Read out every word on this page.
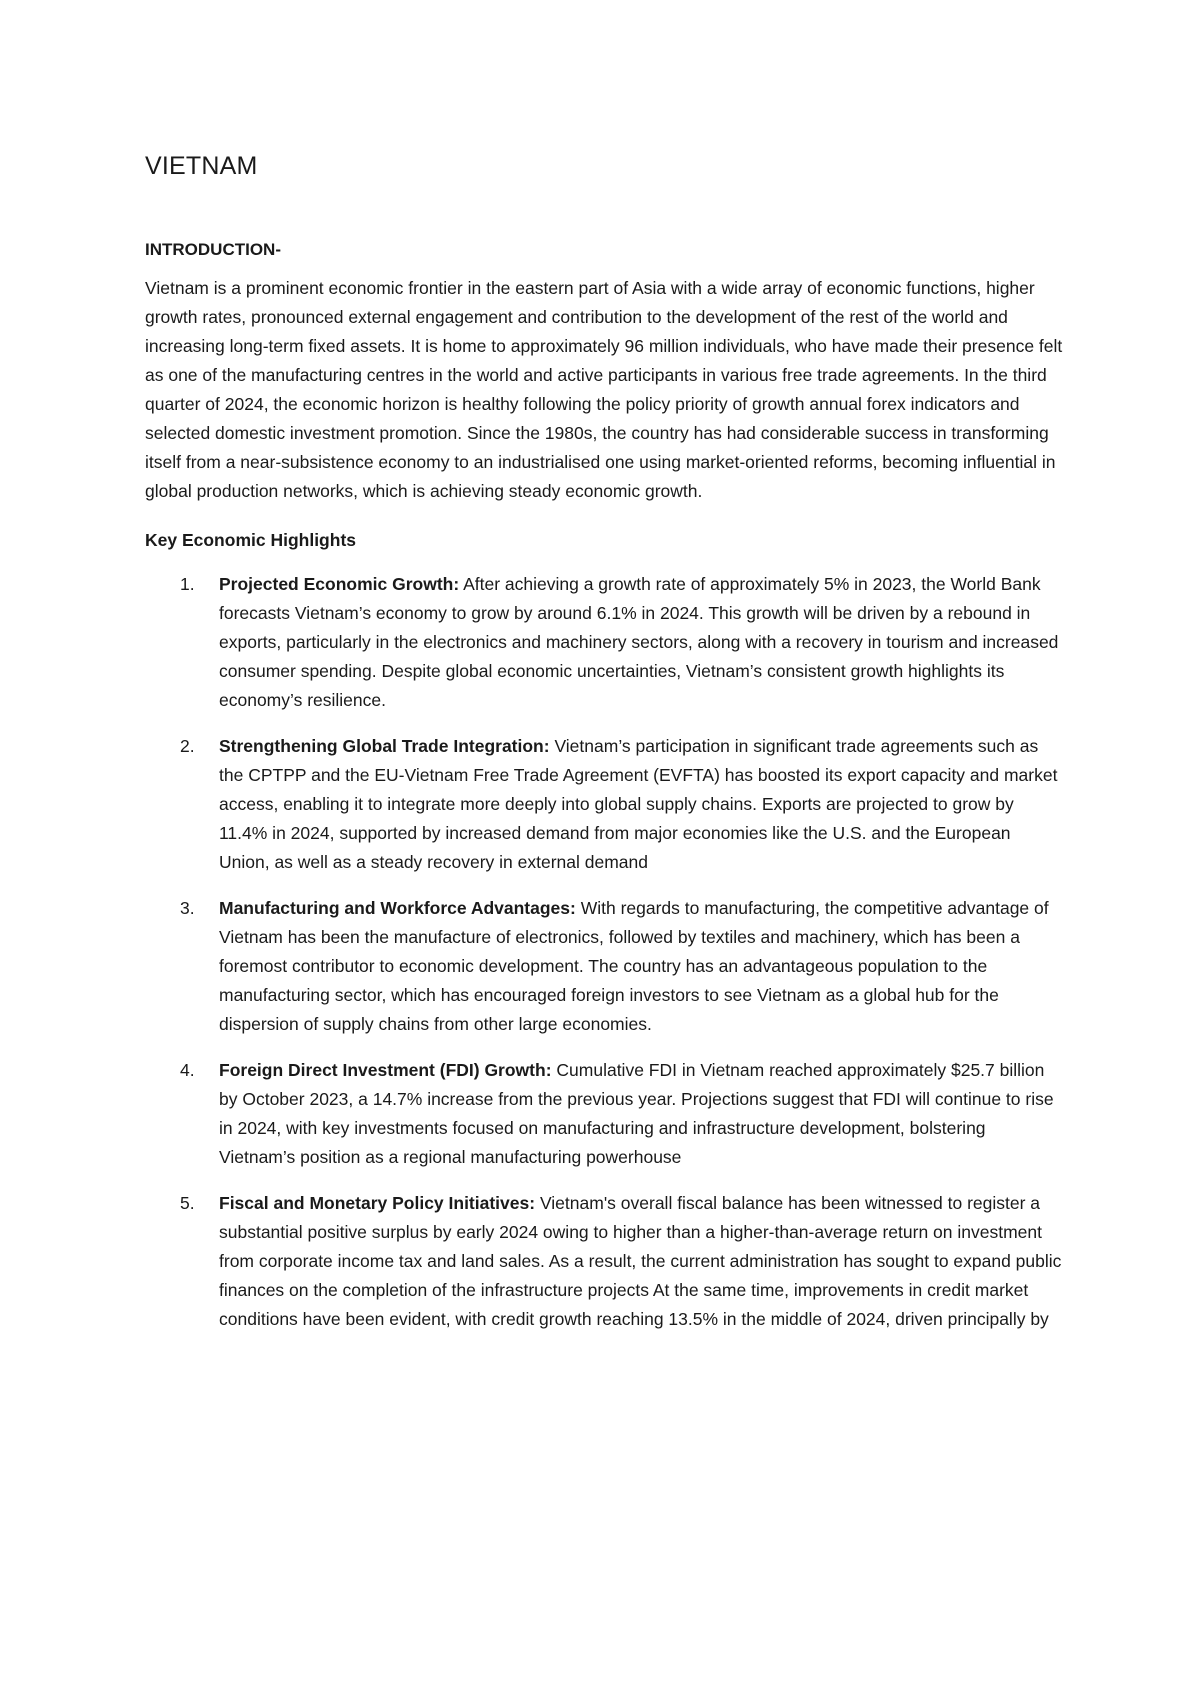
VIETNAM
INTRODUCTION-

Vietnam is a prominent economic frontier in the eastern part of Asia with a wide array of economic functions, higher growth rates, pronounced external engagement and contribution to the development of the rest of the world and increasing long-term fixed assets. It is home to approximately 96 million individuals, who have made their presence felt as one of the manufacturing centres in the world and active participants in various free trade agreements. In the third quarter of 2024, the economic horizon is healthy following the policy priority of growth annual forex indicators and selected domestic investment promotion. Since the 1980s, the country has had considerable success in transforming itself from a near-subsistence economy to an industrialised one using market-oriented reforms, becoming influential in global production networks, which is achieving steady economic growth.

Key Economic Highlights
1. Projected Economic Growth: After achieving a growth rate of approximately 5% in 2023, the World Bank forecasts Vietnam’s economy to grow by around 6.1% in 2024. This growth will be driven by a rebound in exports, particularly in the electronics and machinery sectors, along with a recovery in tourism and increased consumer spending. Despite global economic uncertainties, Vietnam’s consistent growth highlights its economy’s resilience.
2. Strengthening Global Trade Integration: Vietnam’s participation in significant trade agreements such as the CPTPP and the EU-Vietnam Free Trade Agreement (EVFTA) has boosted its export capacity and market access, enabling it to integrate more deeply into global supply chains. Exports are projected to grow by 11.4% in 2024, supported by increased demand from major economies like the U.S. and the European Union, as well as a steady recovery in external demand
3. Manufacturing and Workforce Advantages: With regards to manufacturing, the competitive advantage of Vietnam has been the manufacture of electronics, followed by textiles and machinery, which has been a foremost contributor to economic development. The country has an advantageous population to the manufacturing sector, which has encouraged foreign investors to see Vietnam as a global hub for the dispersion of supply chains from other large economies.
4. Foreign Direct Investment (FDI) Growth: Cumulative FDI in Vietnam reached approximately $25.7 billion by October 2023, a 14.7% increase from the previous year. Projections suggest that FDI will continue to rise in 2024, with key investments focused on manufacturing and infrastructure development, bolstering Vietnam’s position as a regional manufacturing powerhouse
5. Fiscal and Monetary Policy Initiatives: Vietnam's overall fiscal balance has been witnessed to register a substantial positive surplus by early 2024 owing to higher than a higher-than-average return on investment from corporate income tax and land sales. As a result, the current administration has sought to expand public finances on the completion of the infrastructure projects At the same time, improvements in credit market conditions have been evident, with credit growth reaching 13.5% in the middle of 2024, driven principally by
